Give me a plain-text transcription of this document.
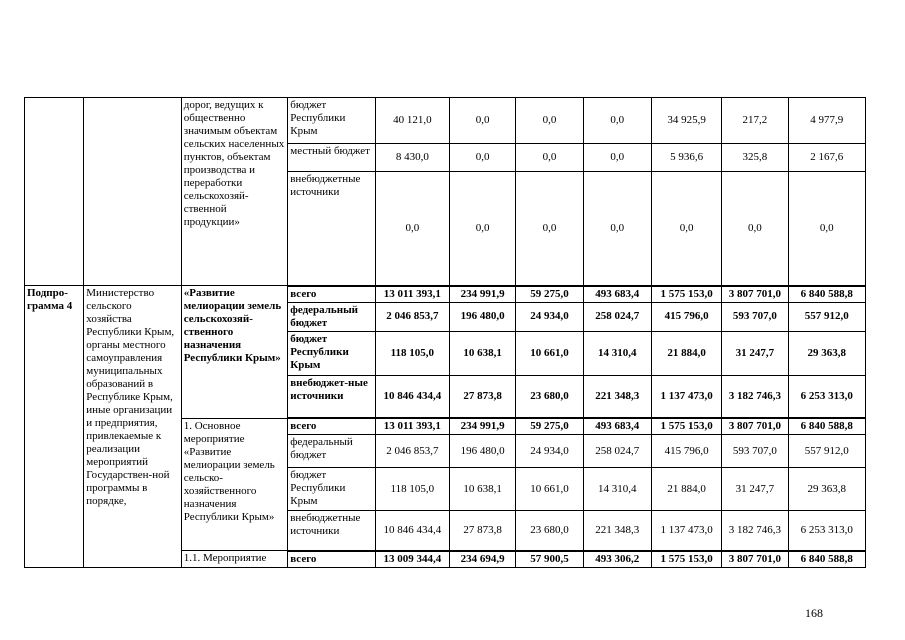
		дорог, ведущих к общественно значимым объектам сельских населенных пунктов, объектам производства и переработки сельскохозяй-ственной продукции»	бюджет Республики Крым	40 121,0	0,0	0,0	0,0	34 925,9	217,2	4 977,9
			местный бюджет	8 430,0	0,0	0,0	0,0	5 936,6	325,8	2 167,6
			внебюджетные источники	0,0	0,0	0,0	0,0	0,0	0,0	0,0
Подпро-грамма 4	Министерство сельского хозяйства Республики Крым, органы местного самоуправления муниципальных образований в Республике Крым, иные организации и предприятия, привлекаемые к реализации мероприятий Государствен-ной программы в порядке,	«Развитие мелиорации земель сельскохозяй-ственного назначения Республики Крым»	всего	13 011 393,1	234 991,9	59 275,0	493 683,4	1 575 153,0	3 807 701,0	6 840 588,8
			федеральный бюджет	2 046 853,7	196 480,0	24 934,0	258 024,7	415 796,0	593 707,0	557 912,0
			бюджет Республики Крым	118 105,0	10 638,1	10 661,0	14 310,4	21 884,0	31 247,7	29 363,8
			внебюджет-ные источники	10 846 434,4	27 873,8	23 680,0	221 348,3	1 137 473,0	3 182 746,3	6 253 313,0
		1. Основное мероприятие «Развитие мелиорации земель сельско-хозяйственного назначения Республики Крым»	всего	13 011 393,1	234 991,9	59 275,0	493 683,4	1 575 153,0	3 807 701,0	6 840 588,8
			федеральный бюджет	2 046 853,7	196 480,0	24 934,0	258 024,7	415 796,0	593 707,0	557 912,0
			бюджет Республики Крым	118 105,0	10 638,1	10 661,0	14 310,4	21 884,0	31 247,7	29 363,8
			внебюджетные источники	10 846 434,4	27 873,8	23 680,0	221 348,3	1 137 473,0	3 182 746,3	6 253 313,0
		1.1. Мероприятие	всего	13 009 344,4	234 694,9	57 900,5	493 306,2	1 575 153,0	3 807 701,0	6 840 588,8
168
